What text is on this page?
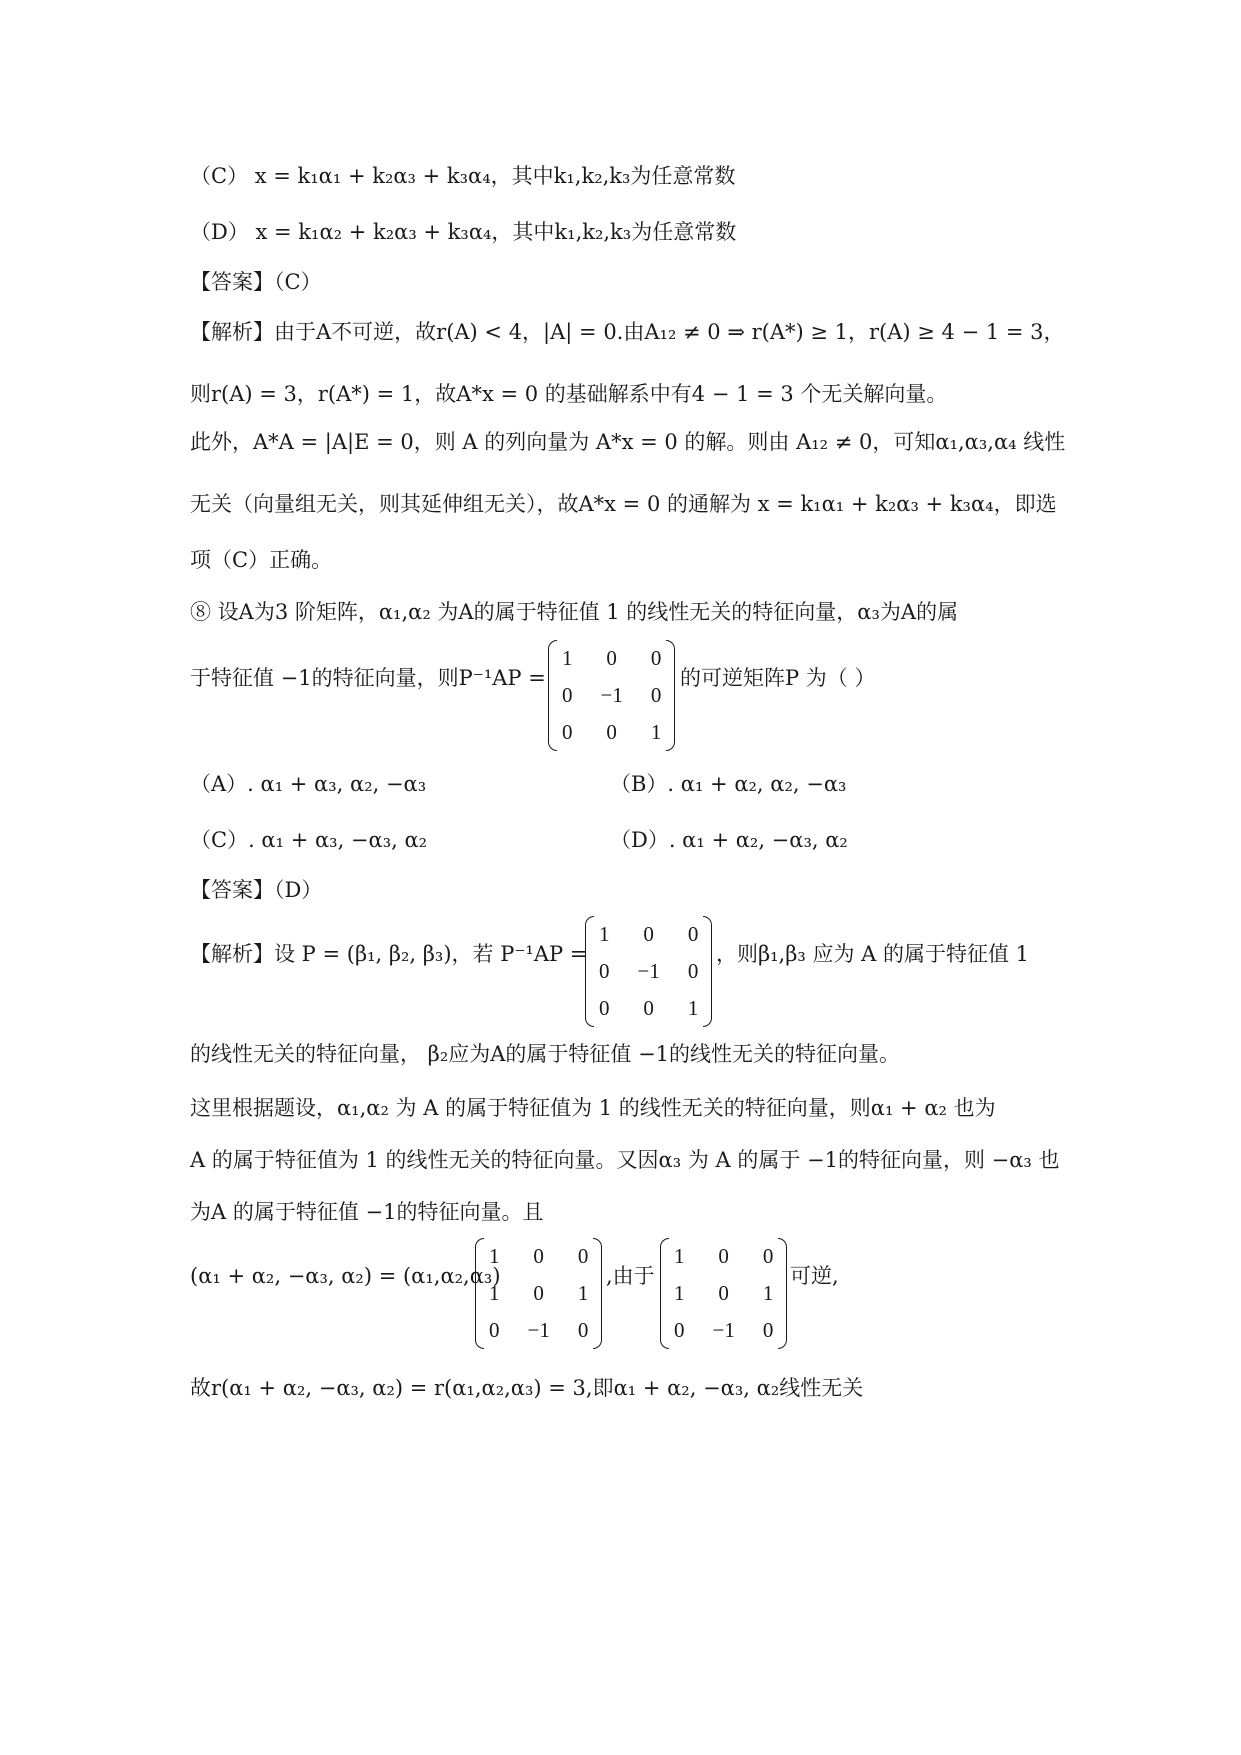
（C） x = k₁α₁ + k₂α₃ + k₃α₄，其中k₁,k₂,k₃为任意常数
（D） x = k₁α₂ + k₂α₃ + k₃α₄，其中k₁,k₂,k₃为任意常数
【答案】（C）
【解析】由于A不可逆，故r(A) < 4，|A| = 0.由A₁₂ ≠ 0 ⇒ r(A*) ≥ 1，r(A) ≥ 4 − 1 = 3，
则r(A) = 3，r(A*) = 1，故A*x = 0 的基础解系中有4 − 1 = 3 个无关解向量。
此外，A*A = |A|E = 0，则 A 的列向量为 A*x = 0 的解。则由 A₁₂ ≠ 0，可知α₁,α₃,α₄ 线性
无关（向量组无关，则其延伸组无关），故A*x = 0 的通解为 x = k₁α₁ + k₂α₃ + k₃α₄，即选
项（C）正确。
⑧ 设A为3 阶矩阵，α₁,α₂ 为A的属于特征值 1 的线性无关的特征向量，α₃为A的属
于特征值 −1的特征向量，则P⁻¹AP =
1	0	0
0	−1	0
0	0	1
的可逆矩阵P 为（ ）
（A）. α₁ + α₃, α₂, −α₃	（B）. α₁ + α₂, α₂, −α₃
（C）. α₁ + α₃, −α₃, α₂	（D）. α₁ + α₂, −α₃, α₂
【答案】（D）
【解析】设 P = (β₁, β₂, β₃)，若 P⁻¹AP =
1	0	0
0	−1	0
0	0	1
，则β₁,β₃ 应为 A 的属于特征值 1
的线性无关的特征向量， β₂应为A的属于特征值 −1的线性无关的特征向量。
这里根据题设，α₁,α₂ 为 A 的属于特征值为 1 的线性无关的特征向量，则α₁ + α₂ 也为
A 的属于特征值为 1 的线性无关的特征向量。又因α₃ 为 A 的属于 −1的特征向量，则 −α₃ 也
为A 的属于特征值 −1的特征向量。且
(α₁ + α₂, −α₃, α₂) = (α₁,α₂,α₃)
1	0	0
1	0	1
0	−1	0
,由于
1	0	0
1	0	1
0	−1	0
可逆,
故r(α₁ + α₂, −α₃, α₂) = r(α₁,α₂,α₃) = 3,即α₁ + α₂, −α₃, α₂线性无关
